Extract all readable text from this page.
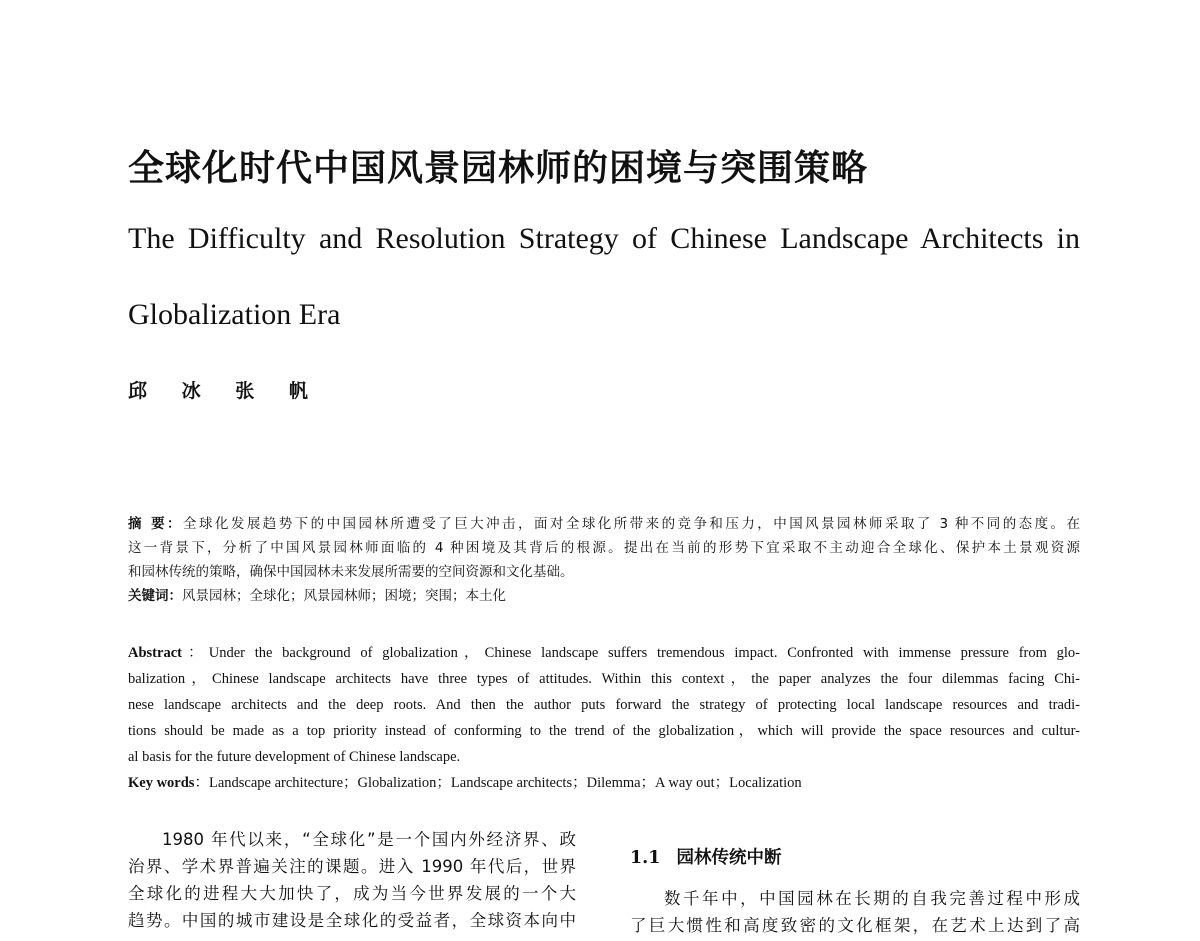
全球化时代中国风景园林师的困境与突围策略
The Difficulty and Resolution Strategy of Chinese Landscape Architects in
Globalization Era
邱 冰 张 帆
摘 要：全球化发展趋势下的中国园林所遭受了巨大冲击，面对全球化所带来的竞争和压力，中国风景园林师采取了 3 种不同的态度。在
这一背景下，分析了中国风景园林师面临的 4 种困境及其背后的根源。提出在当前的形势下宜采取不主动迎合全球化、保护本土景观资源
和园林传统的策略，确保中国园林未来发展所需要的空间资源和文化基础。
关键词：风景园林；全球化；风景园林师；困境；突围；本土化
Abstract：Under the background of globalization，Chinese landscape suffers tremendous impact. Confronted with immense pressure from glo-
balization，Chinese landscape architects have three types of attitudes. Within this context，the paper analyzes the four dilemmas facing Chi-
nese landscape architects and the deep roots. And then the author puts forward the strategy of protecting local landscape resources and tradi-
tions should be made as a top priority instead of conforming to the trend of the globalization，which will provide the space resources and cultur-
al basis for the future development of Chinese landscape.
Key words：Landscape architecture；Globalization；Landscape architects；Dilemma；A way out；Localization
1980 年代以来，“全球化”是一个国内外经济界、政
治界、学术界普遍关注的课题。进入 1990 年代后，世界
全球化的进程大大加快了，成为当今世界发展的一个大
趋势。中国的城市建设是全球化的受益者，全球资本向中
1.1 园林传统中断
数千年中，中国园林在长期的自我完善过程中形成
了巨大惯性和高度致密的文化框架，在艺术上达到了高
